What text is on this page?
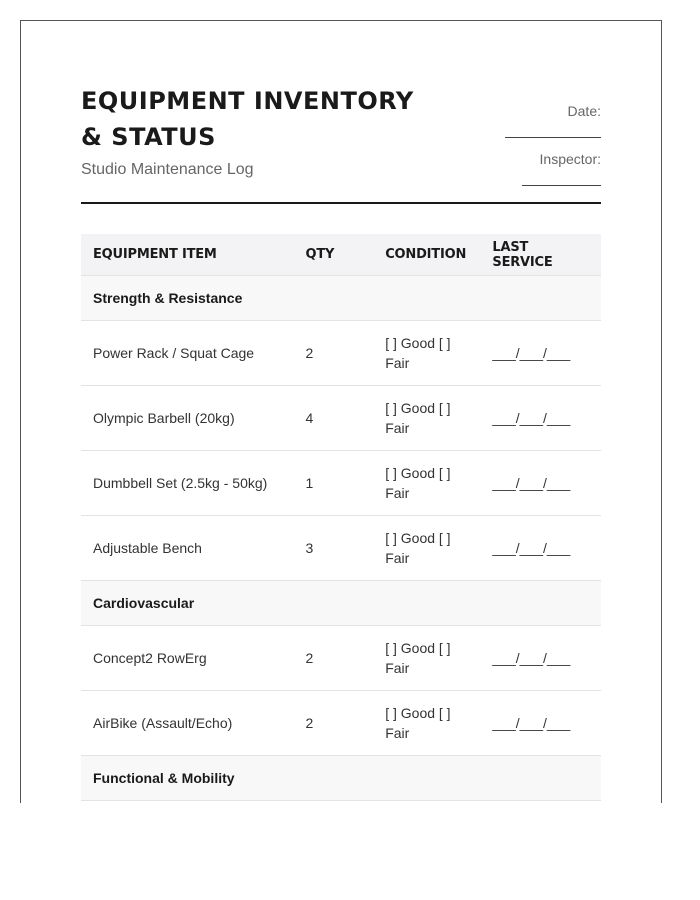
EQUIPMENT INVENTORY & STATUS
Studio Maintenance Log
Date:
Inspector:
EQUIPMENT ITEM	QTY	CONDITION	LAST SERVICE
Strength & Resistance			
Power Rack / Squat Cage	2	[ ] Good [ ] Fair	___/___/___
Olympic Barbell (20kg)	4	[ ] Good [ ] Fair	___/___/___
Dumbbell Set (2.5kg - 50kg)	1	[ ] Good [ ] Fair	___/___/___
Adjustable Bench	3	[ ] Good [ ] Fair	___/___/___
Cardiovascular			
Concept2 RowErg	2	[ ] Good [ ] Fair	___/___/___
AirBike (Assault/Echo)	2	[ ] Good [ ] Fair	___/___/___
Functional & Mobility			
